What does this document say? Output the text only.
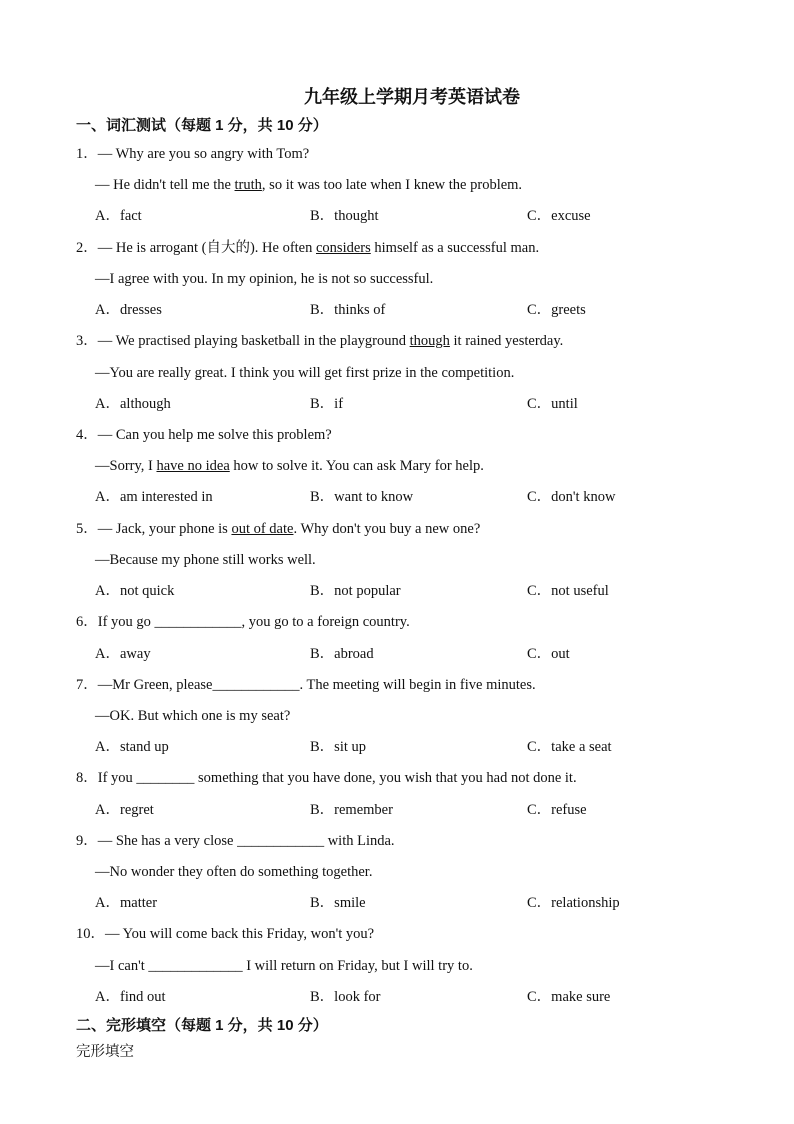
九年级上学期月考英语试卷
一、词汇测试（每题 1 分，共 10 分）
1．— Why are you so angry with Tom?
— He didn't tell me the truth, so it was too late when I knew the problem.
A．fact	B．thought	C．excuse
2．— He is arrogant (自大的). He often considers himself as a successful man.
—I agree with you. In my opinion, he is not so successful.
A．dresses	B．thinks of	C．greets
3．— We practised playing basketball in the playground though it rained yesterday.
—You are really great. I think you will get first prize in the competition.
A．although	B．if	C．until
4．— Can you help me solve this problem?
—Sorry, I have no idea how to solve it. You can ask Mary for help.
A．am interested in	B．want to know	C．don't know
5．— Jack, your phone is out of date. Why don't you buy a new one?
—Because my phone still works well.
A．not quick	B．not popular	C．not useful
6．If you go ____________, you go to a foreign country.
A．away	B．abroad	C．out
7．—Mr Green, please____________. The meeting will begin in five minutes.
—OK. But which one is my seat?
A．stand up	B．sit up	C．take a seat
8．If you ________ something that you have done, you wish that you had not done it.
A．regret	B．remember	C．refuse
9．— She has a very close ____________ with Linda.
—No wonder they often do something together.
A．matter	B．smile	C．relationship
10．— You will come back this Friday, won't you?
—I can't _____________ I will return on Friday, but I will try to.
A．find out	B．look for	C．make sure
二、完形填空（每题 1 分，共 10 分）
完形填空
